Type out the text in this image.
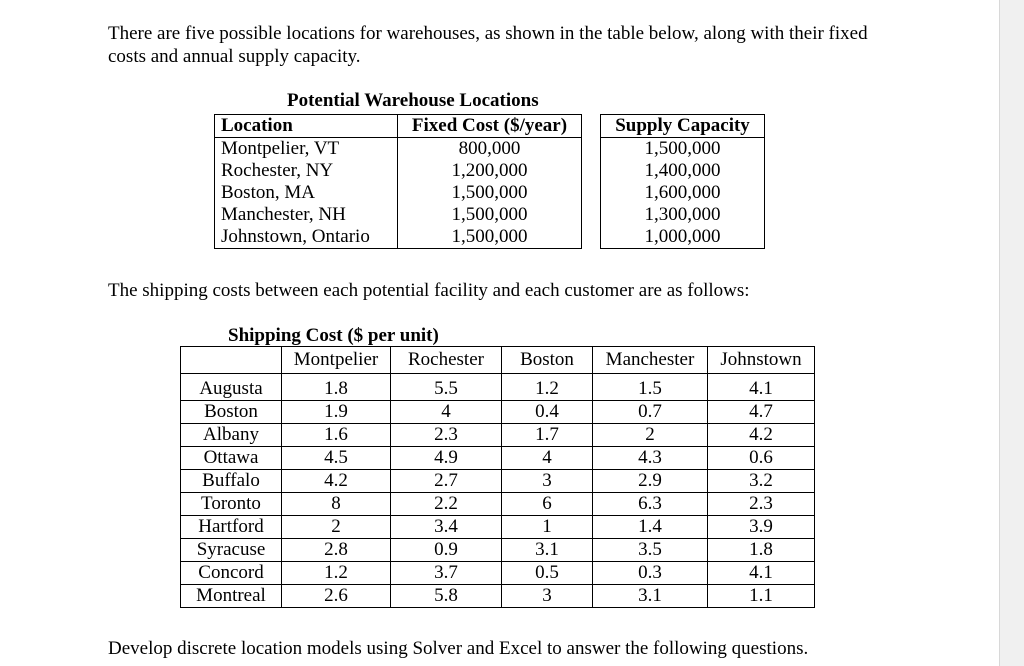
There are five possible locations for warehouses, as shown in the table below, along with their fixed costs and annual supply capacity.

Potential Warehouse Locations

Location	Fixed Cost ($/year)		Supply Capacity
Montpelier, VT	800,000		1,500,000
Rochester, NY	1,200,000		1,400,000
Boston, MA	1,500,000		1,600,000
Manchester, NH	1,500,000		1,300,000
Johnstown, Ontario	1,500,000		1,000,000

The shipping costs between each potential facility and each customer are as follows:

Shipping Cost ($ per unit)

	Montpelier	Rochester	Boston	Manchester	Johnstown
Augusta	1.8	5.5	1.2	1.5	4.1
Boston	1.9	4	0.4	0.7	4.7
Albany	1.6	2.3	1.7	2	4.2
Ottawa	4.5	4.9	4	4.3	0.6
Buffalo	4.2	2.7	3	2.9	3.2
Toronto	8	2.2	6	6.3	2.3
Hartford	2	3.4	1	1.4	3.9
Syracuse	2.8	0.9	3.1	3.5	1.8
Concord	1.2	3.7	0.5	0.3	4.1
Montreal	2.6	5.8	3	3.1	1.1

Develop discrete location models using Solver and Excel to answer the following questions.
